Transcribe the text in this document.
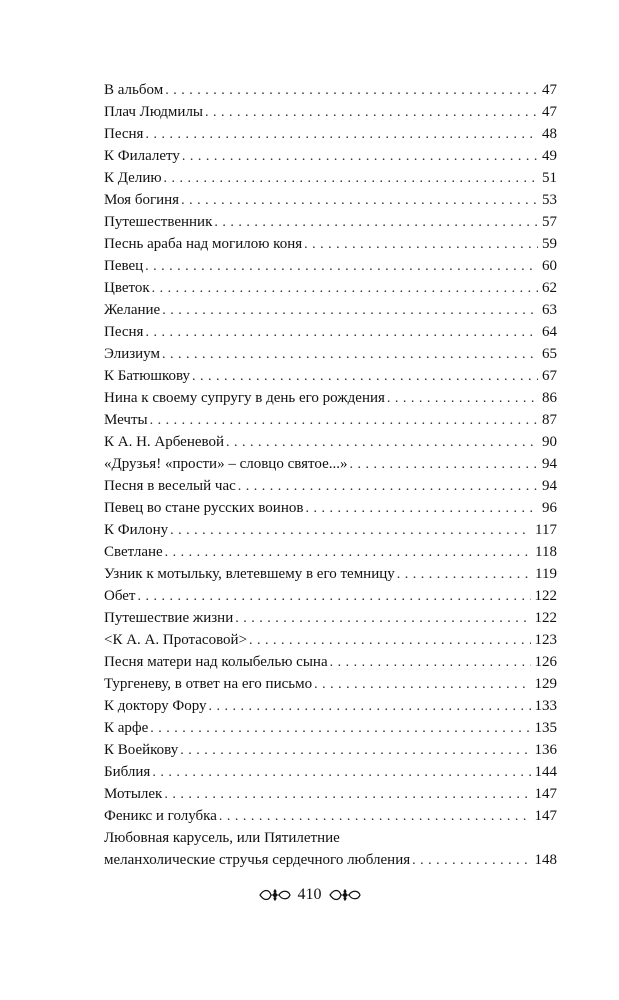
В альбом . . .	47
Плач Людмилы . . .	47
Песня . . .	48
К Филалету . . .	49
К Делию . . .	51
Моя богиня . . .	53
Путешественник . . .	57
Песнь араба над могилою коня . . .	59
Певец . . .	60
Цветок . . .	62
Желание . . .	63
Песня . . .	64
Элизиум . . .	65
К Батюшкову . . .	67
Нина к своему супругу в день его рождения . . .	86
Мечты . . .	87
К А. Н. Арбеневой . . .	90
«Друзья! «прости» – словцо святое...» . . .	94
Песня в веселый час . . .	94
Певец во стане русских воинов . . .	96
К Филону . . .	117
Светлане . . .	118
Узник к мотыльку, влетевшему в его темницу . . .	119
Обет . . .	122
Путешествие жизни . . .	122
<К А. А. Протасовой> . . .	123
Песня матери над колыбелью сына . . .	126
Тургеневу, в ответ на его письмо . . .	129
К доктору Фору . . .	133
К арфе . . .	135
К Воейкову . . .	136
Библия . . .	144
Мотылек . . .	147
Феникс и голубка . . .	147
Любовная карусель, или Пятилетние
меланхолические стручья сердечного любления . . .	148
410
